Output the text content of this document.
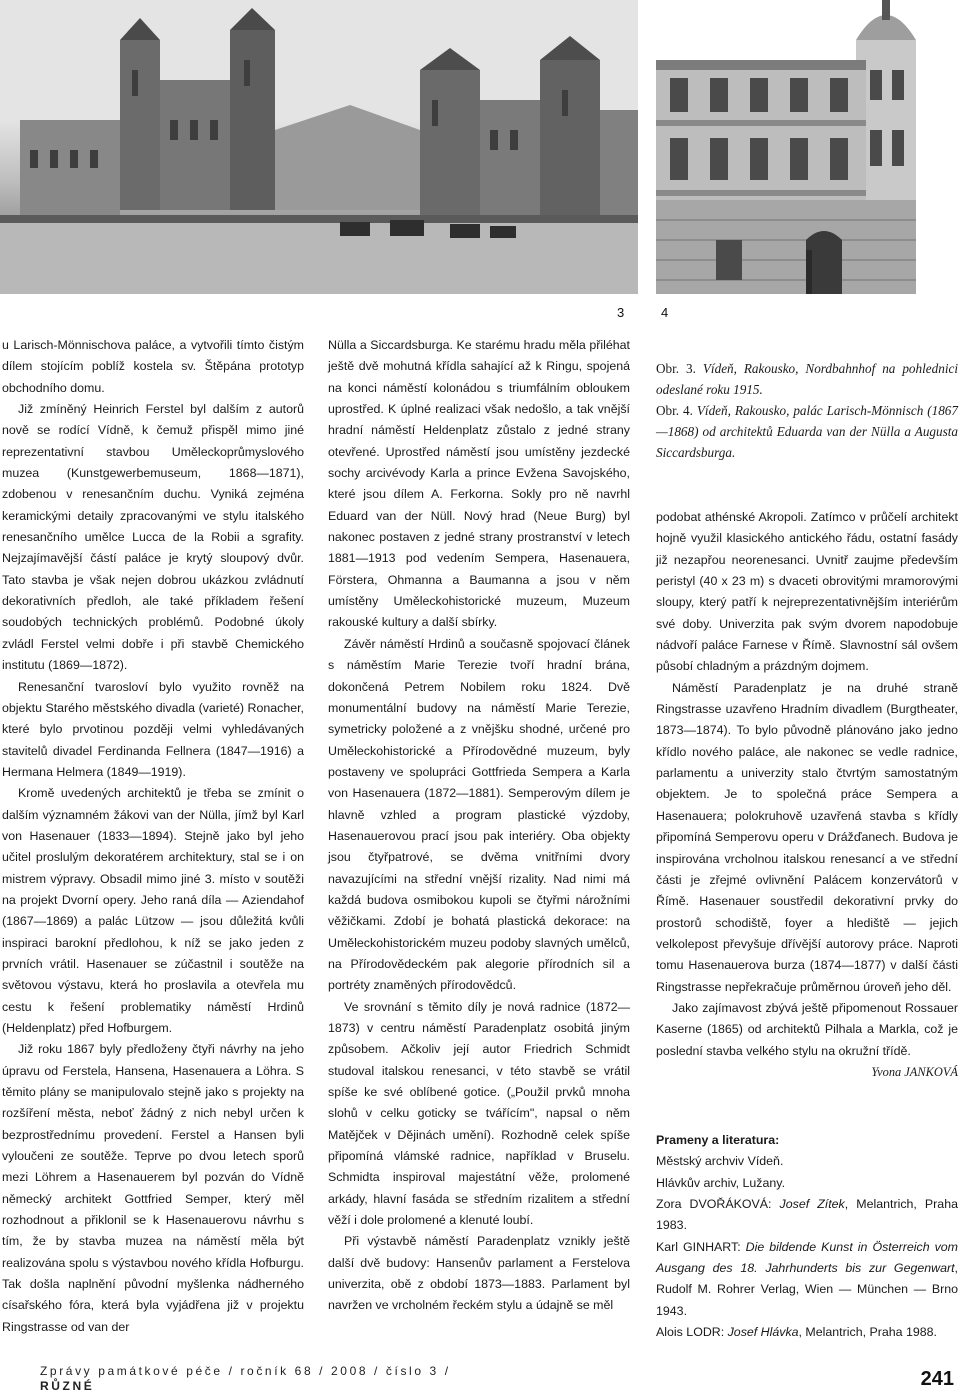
3	4

u Larisch-Mönnischova paláce, a vytvořili tímto čistým dílem stojícím poblíž kostela sv. Štěpána prototyp obchodního domu.

Již zmíněný Heinrich Ferstel byl dalším z autorů nově se rodící Vídně, k čemuž přispěl mimo jiné reprezentativní stavbou Uměleckoprůmyslového muzea (Kunstgewerbemuseum, 1868—1871), zdobenou v renesančním duchu. Vyniká zejména keramickými detaily zpracovanými ve stylu italského renesančního umělce Lucca de la Robii a sgrafity. Nejzajímavější částí paláce je krytý sloupový dvůr. Tato stavba je však nejen dobrou ukázkou zvládnutí dekorativních předloh, ale také příkladem řešení soudobých technických problémů. Podobné úkoly zvládl Ferstel velmi dobře i při stavbě Chemického institutu (1869—1872).

Renesanční tvarosloví bylo využito rovněž na objektu Starého městského divadla (varieté) Ronacher, které bylo prvotinou později velmi vyhledávaných stavitelů divadel Ferdinanda Fellnera (1847—1916) a Hermana Helmera (1849—1919).

Kromě uvedených architektů je třeba se zmínit o dalším významném žákovi van der Nülla, jímž byl Karl von Hasenauer (1833—1894). Stejně jako byl jeho učitel proslulým dekoratérem architektury, stal se i on mistrem výpravy. Obsadil mimo jiné 3. místo v soutěži na projekt Dvorní opery. Jeho raná díla — Aziendahof (1867—1869) a palác Lützow — jsou důležitá kvůli inspiraci barokní předlohou, k níž se jako jeden z prvních vrátil. Hasenauer se zúčastnil i soutěže na světovou výstavu, která ho proslavila a otevřela mu cestu k řešení problematiky náměstí Hrdinů (Heldenplatz) před Hofburgem.

Již roku 1867 byly předloženy čtyři návrhy na jeho úpravu od Ferstela, Hansena, Hasenauera a Löhra. S těmito plány se manipulovalo stejně jako s projekty na rozšíření města, neboť žádný z nich nebyl určen k bezprostřednímu provedení. Ferstel a Hansen byli vyloučeni ze soutěže. Teprve po dvou letech sporů mezi Löhrem a Hasenauerem byl pozván do Vídně německý architekt Gottfried Semper, který měl rozhodnout a přiklonil se k Hasenauerovu návrhu s tím, že by stavba muzea na náměstí měla být realizována spolu s výstavbou nového křídla Hofburgu. Tak došla naplnění původní myšlenka nádherného císařského fóra, která byla vyjádřena již v projektu Ringstrasse od van der

Nülla a Siccardsburga. Ke starému hradu měla přiléhat ještě dvě mohutná křídla sahající až k Ringu, spojená na konci náměstí kolonádou s triumfálním obloukem uprostřed. K úplné realizaci však nedošlo, a tak vnější hradní náměstí Heldenplatz zůstalo z jedné strany otevřené. Uprostřed náměstí jsou umístěny jezdecké sochy arcivévody Karla a prince Evžena Savojského, které jsou dílem A. Ferkorna. Sokly pro ně navrhl Eduard van der Nüll. Nový hrad (Neue Burg) byl nakonec postaven z jedné strany prostranství v letech 1881—1913 pod vedením Sempera, Hasenauera, Förstera, Ohmanna a Baumanna a jsou v něm umístěny Uměleckohistorické muzeum, Muzeum rakouské kultury a další sbírky.

Závěr náměstí Hrdinů a současně spojovací článek s náměstím Marie Terezie tvoří hradní brána, dokončená Petrem Nobilem roku 1824. Dvě monumentální budovy na náměstí Marie Terezie, symetricky položené a z vnějšku shodné, určené pro Uměleckohistorické a Přírodovědné muzeum, byly postaveny ve spolupráci Gottfrieda Sempera a Karla von Hasenauera (1872—1881). Semperovým dílem je hlavně vzhled a program plastické výzdoby, Hasenauerovou prací jsou pak interiéry. Oba objekty jsou čtyřpatrové, se dvěma vnitřními dvory navazujícími na střední vnější rizality. Nad nimi má každá budova osmibokou kupoli se čtyřmi nárožními věžičkami. Zdobí je bohatá plastická dekorace: na Uměleckohistorickém muzeu podoby slavných umělců, na Přírodovědeckém pak alegorie přírodních sil a portréty znaměných přírodovědců.

Ve srovnání s těmito díly je nová radnice (1872—1873) v centru náměstí Paradenplatz osobitá jiným způsobem. Ačkoliv její autor Friedrich Schmidt studoval italskou renesanci, v této stavbě se vrátil spíše ke své oblíbené gotice. („Použil prvků mnoha slohů v celku goticky se tvářícím", napsal o něm Matějček v Dějinách umění). Rozhodně celek spíše připomíná vlámské radnice, například v Bruselu. Schmidta inspiroval majestátní věže, prolomené arkády, hlavní fasáda se středním rizalitem a střední věží i dole prolomené a klenuté loubí.

Při výstavbě náměstí Paradenplatz vznikly ještě další dvě budovy: Hansenův parlament a Ferstelova univerzita, obě z období 1873—1883. Parlament byl navržen ve vrcholném řeckém stylu a údajně se měl

Obr. 3. Vídeň, Rakousko, Nordbahnhof na pohlednici odeslané roku 1915.

Obr. 4. Vídeň, Rakousko, palác Larisch-Mönnisch (1867—1868) od architektů Eduarda van der Nülla a Augusta Siccardsburga.

podobat athénské Akropoli. Zatímco v průčelí architekt hojně využil klasického antického řádu, ostatní fasády již nezapřou neorenesanci. Uvnitř zaujme především peristyl (40 x 23 m) s dvaceti obrovitými mramorovými sloupy, který patří k nejreprezentativnějším interiérům své doby. Univerzita pak svým dvorem napodobuje nádvoří paláce Farnese v Římě. Slavnostní sál ovšem působí chladným a prázdným dojmem.

Náměstí Paradenplatz je na druhé straně Ringstrasse uzavřeno Hradním divadlem (Burgtheater, 1873—1874). To bylo původně plánováno jako jedno křídlo nového paláce, ale nakonec se vedle radnice, parlamentu a univerzity stalo čtvrtým samostatným objektem. Je to společná práce Sempera a Hasenauera; polokruhově uzavřená stavba s křídly připomíná Semperovu operu v Drážďanech. Budova je inspirována vrcholnou italskou renesancí a ve střední části je zřejmé ovlivnění Palácem konzervátorů v Římě. Hasenauer soustředil dekorativní prvky do prostorů schodiště, foyer a hlediště — jejich velkolepost převyšuje dřívější autorovy práce. Naproti tomu Hasenauerova burza (1874—1877) v další části Ringstrasse nepřekračuje průměrnou úroveň jeho děl.

Jako zajímavost zbývá ještě připomenout Rossauer Kaserne (1865) od architektů Pilhala a Markla, což je poslední stavba velkého stylu na okružní třídě.

Yvona JANKOVÁ

Prameny a literatura:

Městský archviv Vídeň.

Hlávkův archiv, Lužany.

Zora DVOŘÁKOVÁ: Josef Zítek, Melantrich, Praha 1983.

Karl GINHART: Die bildende Kunst in Österreich vom Ausgang des 18. Jahrhunderts bis zur Gegenwart, Rudolf M. Rohrer Verlag, Wien — München — Brno 1943.

Alois LODR: Josef Hlávka, Melantrich, Praha 1988.

Zprávy památkové péče / ročník 68 / 2008 / číslo 3 /
RŮZNÉ	241
